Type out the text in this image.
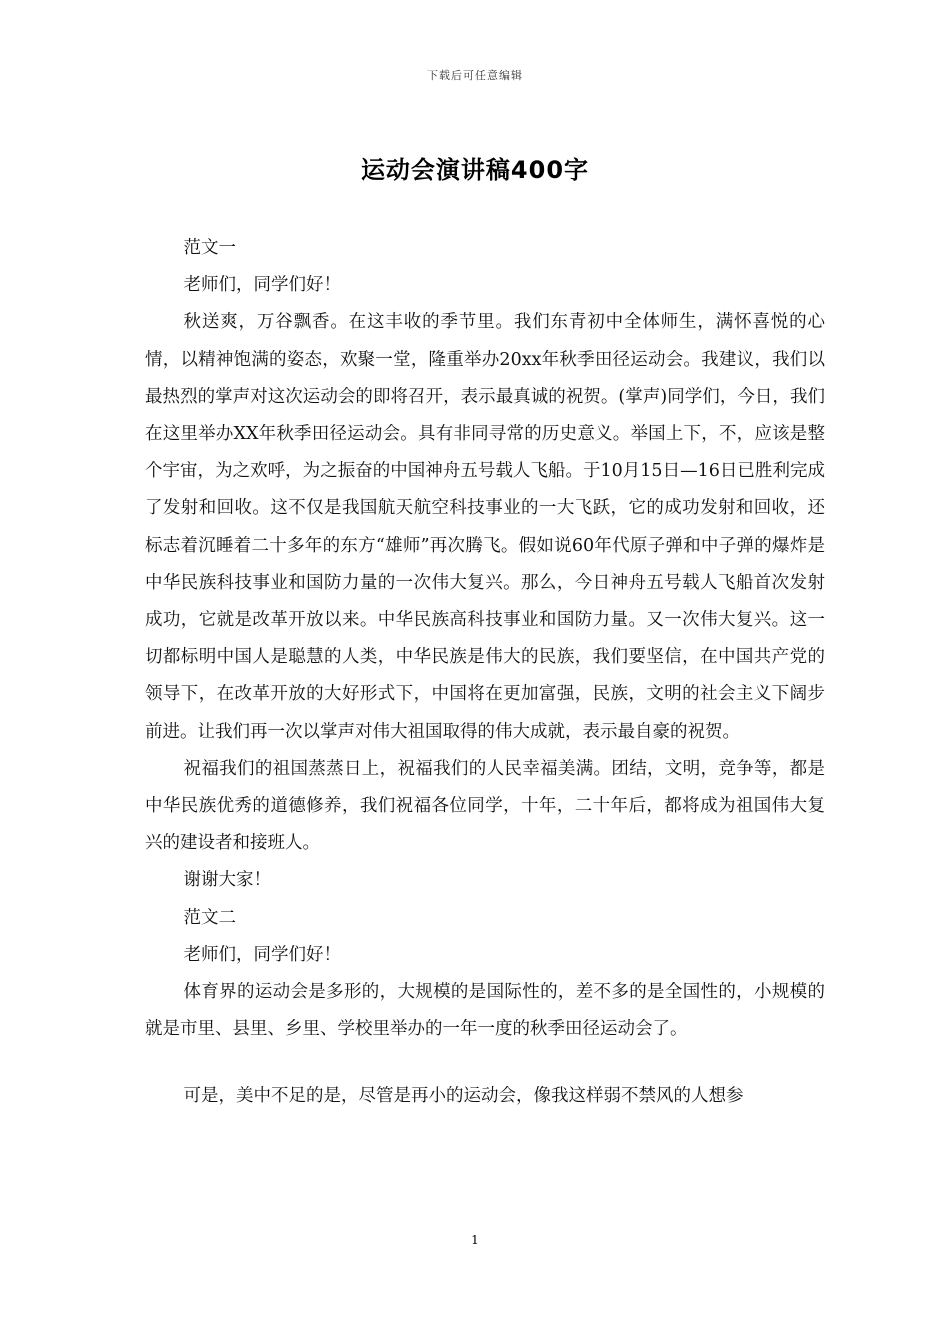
下载后可任意编辑
运动会演讲稿400字

范文一

老师们，同学们好！

秋送爽，万谷飘香。在这丰收的季节里。我们东青初中全体师生，满怀喜悦的心情，以精神饱满的姿态，欢聚一堂，隆重举办20xx年秋季田径运动会。我建议，我们以最热烈的掌声对这次运动会的即将召开，表示最真诚的祝贺。(掌声)同学们，今日，我们在这里举办XX年秋季田径运动会。具有非同寻常的历史意义。举国上下，不，应该是整个宇宙，为之欢呼，为之振奋的中国神舟五号载人飞船。于10月15日—16日已胜利完成了发射和回收。这不仅是我国航天航空科技事业的一大飞跃，它的成功发射和回收，还标志着沉睡着二十多年的东方“雄师”再次腾飞。假如说60年代原子弹和中子弹的爆炸是中华民族科技事业和国防力量的一次伟大复兴。那么，今日神舟五号载人飞船首次发射成功，它就是改革开放以来。中华民族高科技事业和国防力量。又一次伟大复兴。这一切都标明中国人是聪慧的人类，中华民族是伟大的民族，我们要坚信，在中国共产党的领导下，在改革开放的大好形式下，中国将在更加富强，民族，文明的社会主义下阔步前进。让我们再一次以掌声对伟大祖国取得的伟大成就，表示最自豪的祝贺。

祝福我们的祖国蒸蒸日上，祝福我们的人民幸福美满。团结，文明，竞争等，都是中华民族优秀的道德修养，我们祝福各位同学，十年，二十年后，都将成为祖国伟大复兴的建设者和接班人。

谢谢大家！

范文二

老师们，同学们好！

体育界的运动会是多形的，大规模的是国际性的，差不多的是全国性的，小规模的就是市里、县里、乡里、学校里举办的一年一度的秋季田径运动会了。

可是，美中不足的是，尽管是再小的运动会，像我这样弱不禁风的人想参

1
